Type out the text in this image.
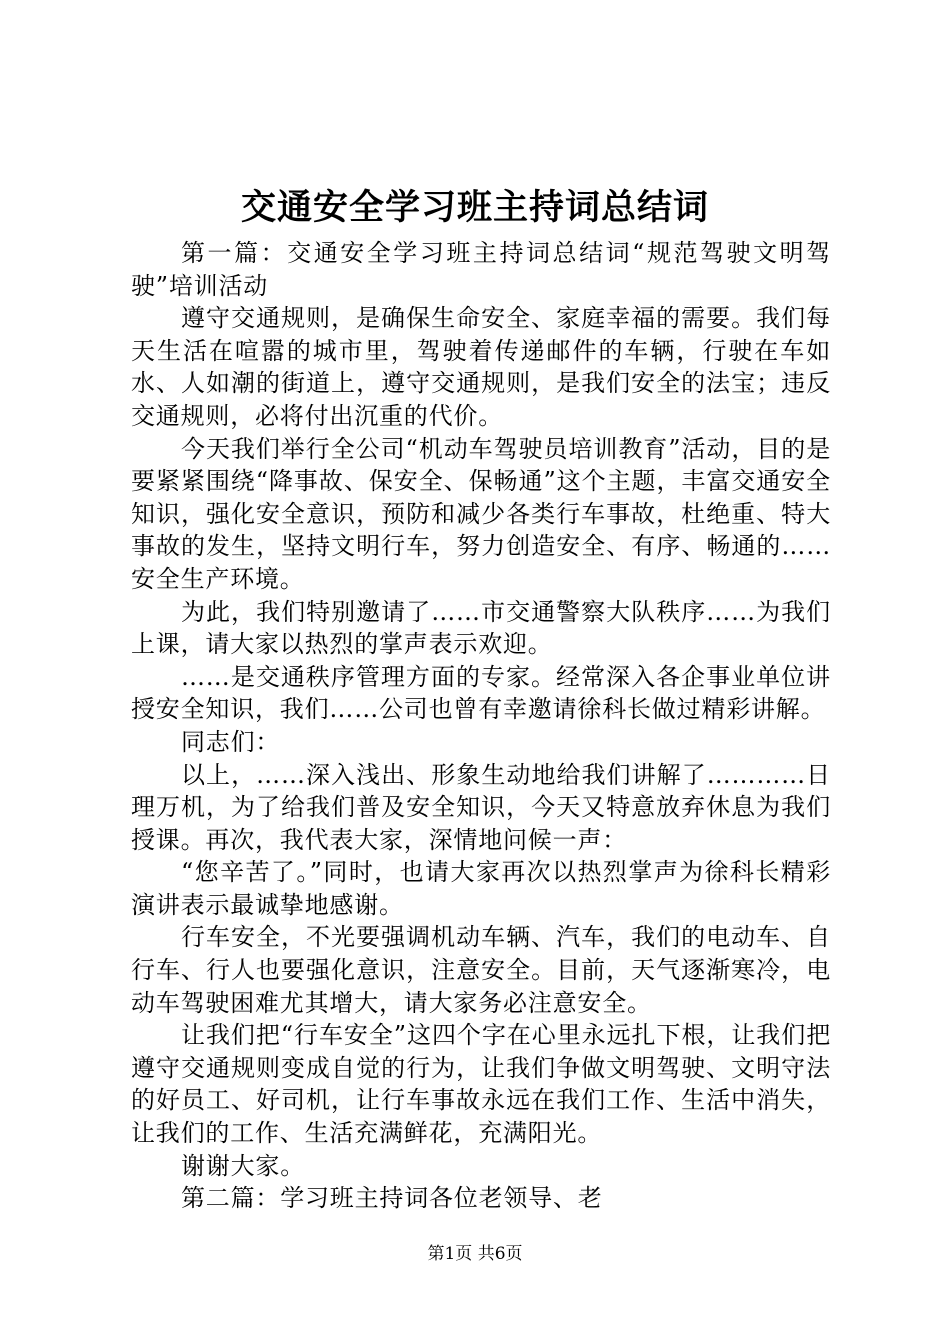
交通安全学习班主持词总结词

第一篇：交通安全学习班主持词总结词“规范驾驶文明驾驶”培训活动

遵守交通规则，是确保生命安全、家庭幸福的需要。我们每天生活在喧嚣的城市里，驾驶着传递邮件的车辆，行驶在车如水、人如潮的街道上，遵守交通规则，是我们安全的法宝；违反交通规则，必将付出沉重的代价。

今天我们举行全公司“机动车驾驶员培训教育”活动，目的是要紧紧围绕“降事故、保安全、保畅通”这个主题，丰富交通安全知识，强化安全意识，预防和减少各类行车事故，杜绝重、特大事故的发生，坚持文明行车，努力创造安全、有序、畅通的……安全生产环境。

为此，我们特别邀请了……市交通警察大队秩序……为我们上课，请大家以热烈的掌声表示欢迎。

……是交通秩序管理方面的专家。经常深入各企事业单位讲授安全知识，我们……公司也曾有幸邀请徐科长做过精彩讲解。

同志们：

以上，……深入浅出、形象生动地给我们讲解了…………日理万机，为了给我们普及安全知识，今天又特意放弃休息为我们授课。再次，我代表大家，深情地问候一声：

“您辛苦了。”同时，也请大家再次以热烈掌声为徐科长精彩演讲表示最诚挚地感谢。

行车安全，不光要强调机动车辆、汽车，我们的电动车、自行车、行人也要强化意识，注意安全。目前，天气逐渐寒冷，电动车驾驶困难尤其增大，请大家务必注意安全。

让我们把“行车安全”这四个字在心里永远扎下根，让我们把遵守交通规则变成自觉的行为，让我们争做文明驾驶、文明守法的好员工、好司机，让行车事故永远在我们工作、生活中消失，让我们的工作、生活充满鲜花，充满阳光。

谢谢大家。

第二篇：学习班主持词各位老领导、老

第1页 共6页
